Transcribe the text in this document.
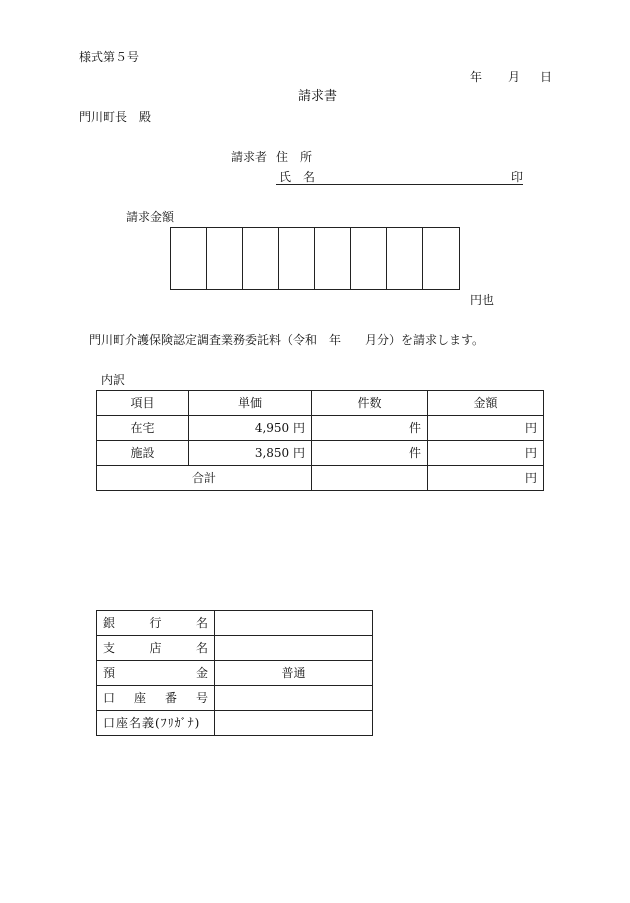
様式第５号
年 月 日
請求書
門川町長　殿
請求者 住　所
氏　名	印
請求金額
円也
門川町介護保険認定調査業務委託料（令和　年　　月分）を請求します。
内訳
項目	単価	件数	金額
在宅	4,950 円	件	円
施設	3,850 円	件	円
合計			円
銀 行 名	

支 店 名	

預 金	普通

口 座 番 号	

口座名義(ﾌﾘｶﾞﾅ)	
